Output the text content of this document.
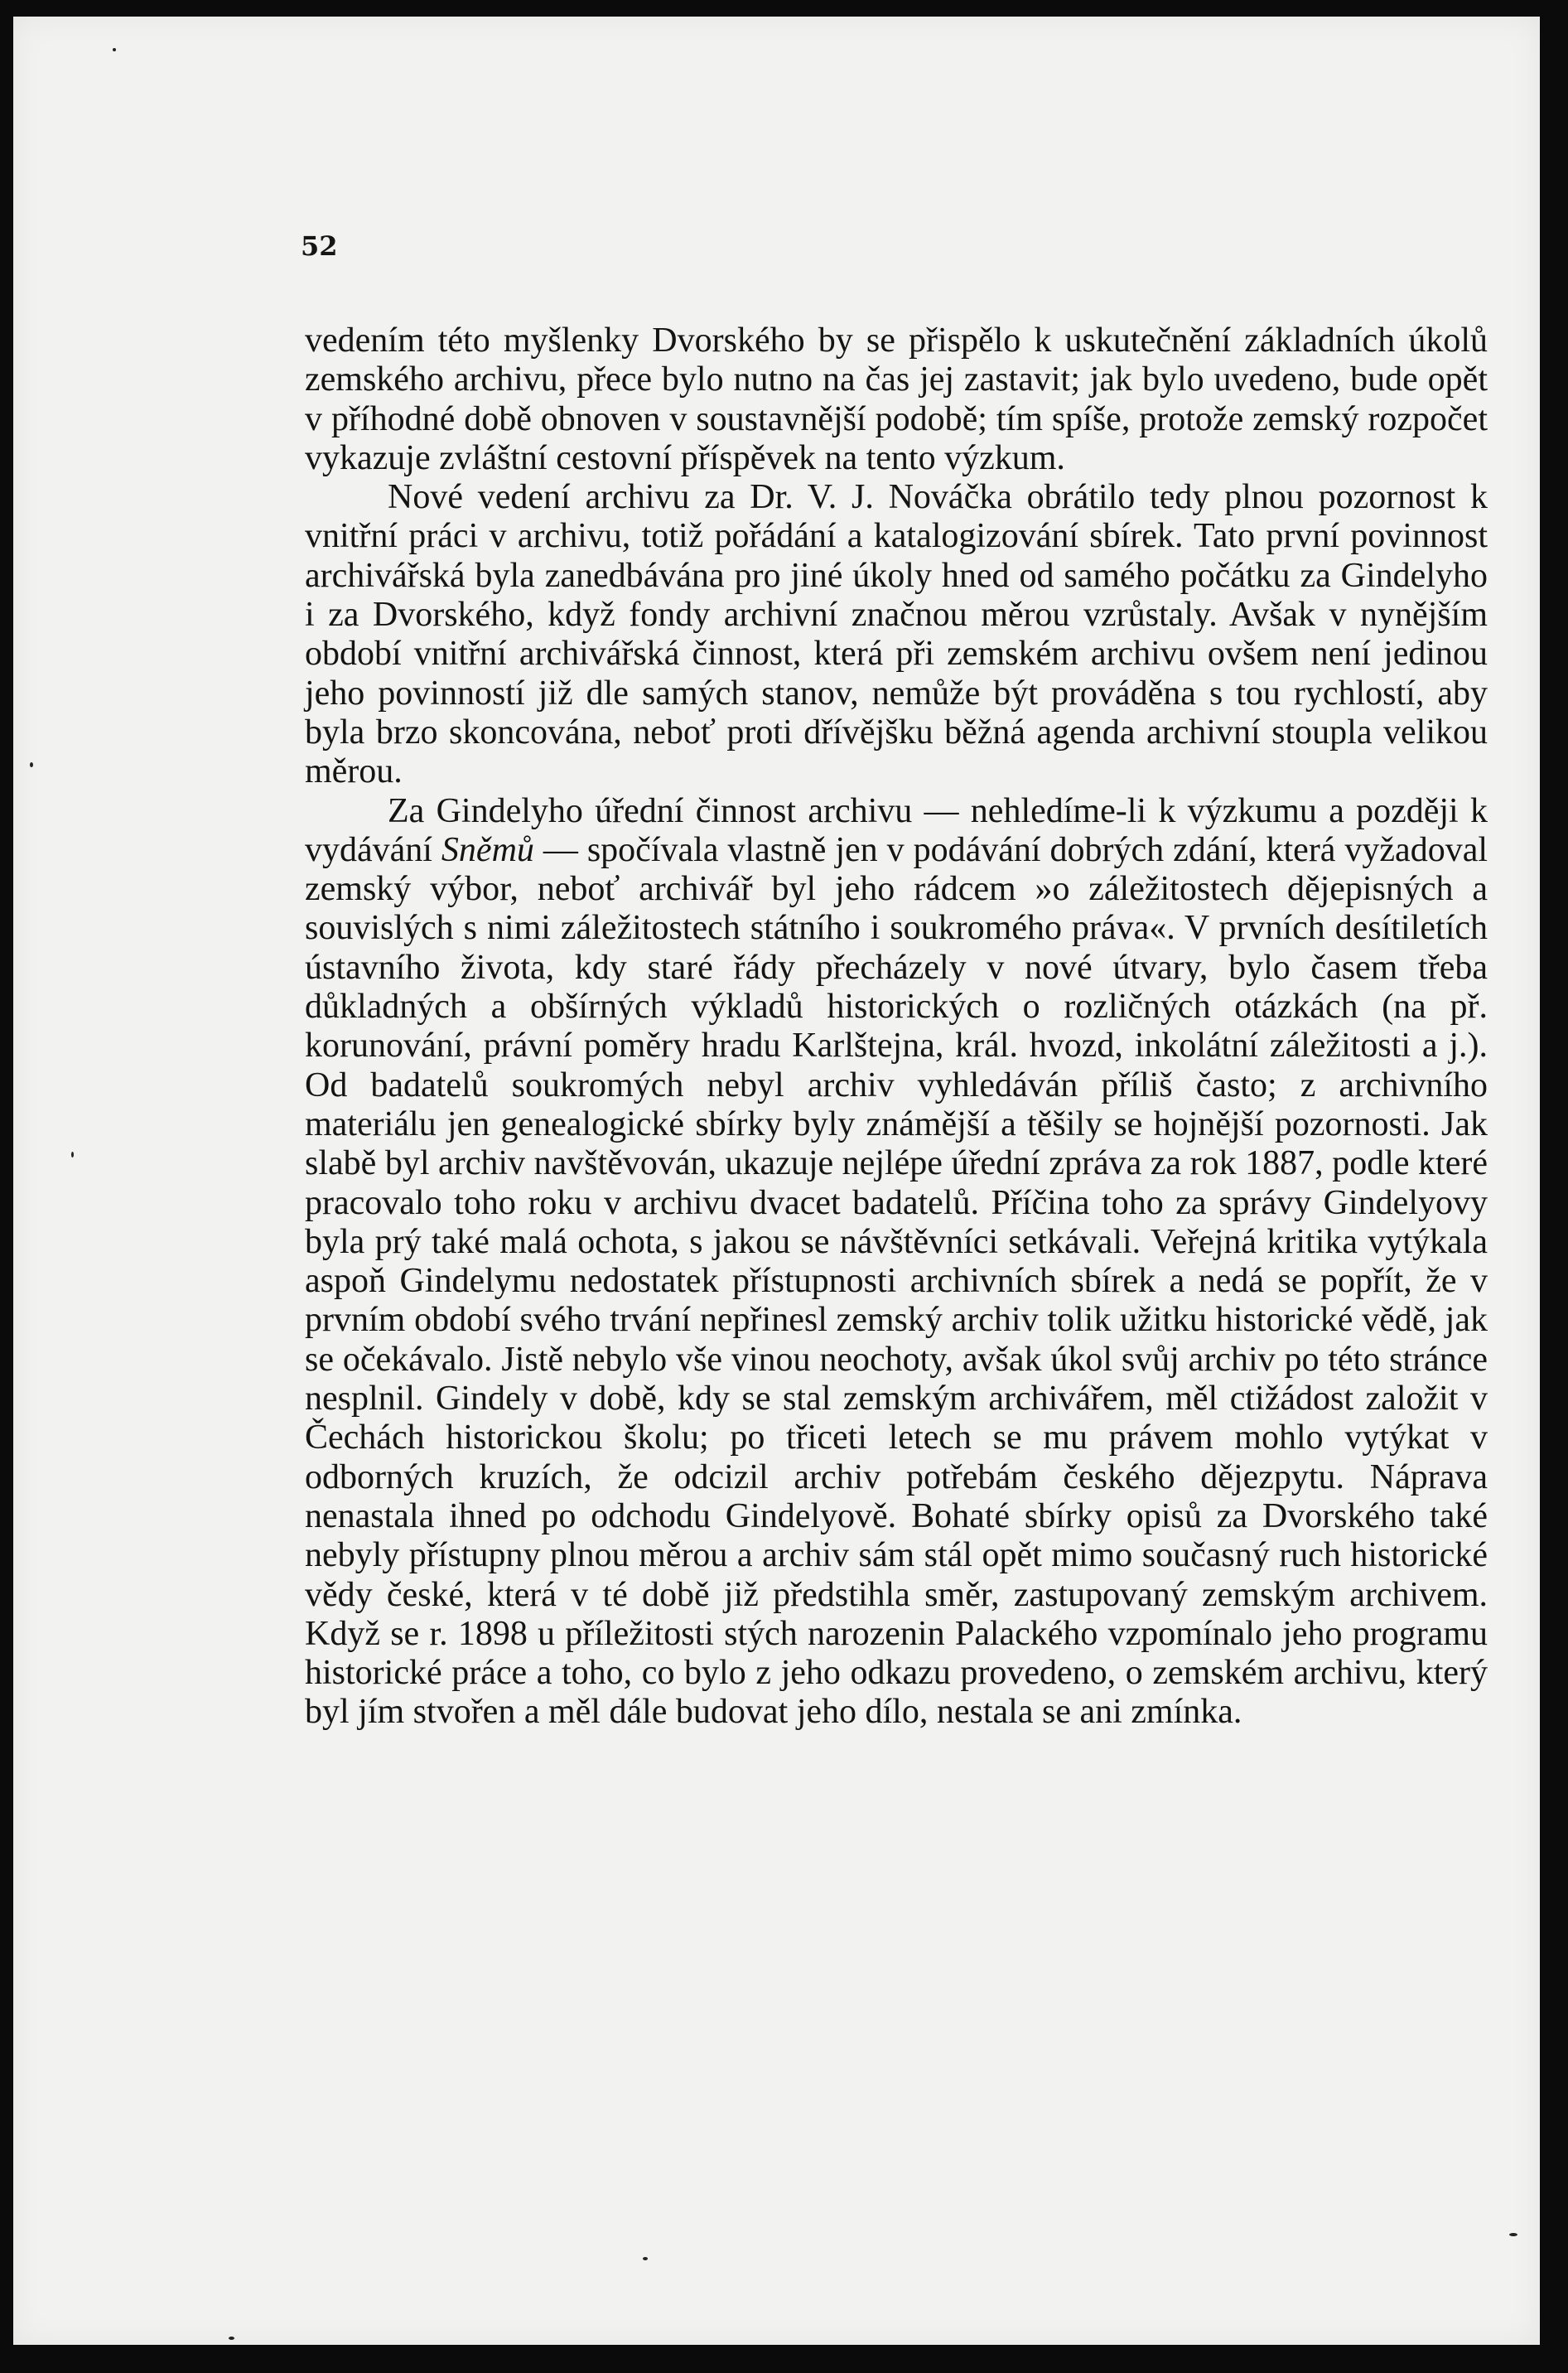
52

vedením této myšlenky Dvorského by se přispělo k uskutečnění základních úkolů zemského archivu, přece bylo nutno na čas jej zastavit; jak bylo uvedeno, bude opět v příhodné době obnoven v soustavnější podobě; tím spíše, protože zemský rozpočet vykazuje zvláštní cestovní příspěvek na tento výzkum.

Nové vedení archivu za Dr. V. J. Nováčka obrátilo tedy plnou pozornost k vnitřní práci v archivu, totiž pořádání a katalogizování sbírek. Tato první povinnost archivářská byla zanedbávána pro jiné úkoly hned od samého počátku za Gindelyho i za Dvorského, když fondy archivní značnou měrou vzrůstaly. Avšak v nynějším období vnitřní archivářská činnost, která při zemském archivu ovšem není jedinou jeho povinností již dle samých stanov, nemůže být prováděna s tou rychlostí, aby byla brzo skoncována, neboť proti dřívějšku běžná agenda archivní stoupla velikou měrou.

Za Gindelyho úřední činnost archivu — nehledíme-li k výzkumu a později k vydávání Sněmů — spočívala vlastně jen v podávání dobrých zdání, která vyžadoval zemský výbor, neboť archivář byl jeho rádcem »o záležitostech dějepisných a souvislých s nimi záležitostech státního i soukromého práva«. V prvních desítiletích ústavního života, kdy staré řády přecházely v nové útvary, bylo časem třeba důkladných a obšírných výkladů historických o rozličných otázkách (na př. korunování, právní poměry hradu Karlštejna, král. hvozd, inkolátní záležitosti a j.). Od badatelů soukromých nebyl archiv vyhledáván příliš často; z archivního materiálu jen genealogické sbírky byly známější a těšily se hojnější pozornosti. Jak slabě byl archiv navštěvován, ukazuje nejlépe úřední zpráva za rok 1887, podle které pracovalo toho roku v archivu dvacet badatelů. Příčina toho za správy Gindelyovy byla prý také malá ochota, s jakou se návštěvníci setkávali. Veřejná kritika vytýkala aspoň Gindelymu nedostatek přístupnosti archivních sbírek a nedá se popřít, že v prvním období svého trvání nepřinesl zemský archiv tolik užitku historické vědě, jak se očekávalo. Jistě nebylo vše vinou neochoty, avšak úkol svůj archiv po této stránce nesplnil. Gindely v době, kdy se stal zemským archivářem, měl ctižádost založit v Čechách historickou školu; po třiceti letech se mu právem mohlo vytýkat v odborných kruzích, že odcizil archiv potřebám českého dějezpytu. Náprava nenastala ihned po odchodu Gindelyově. Bohaté sbírky opisů za Dvorského také nebyly přístupny plnou měrou a archiv sám stál opět mimo současný ruch historické vědy české, která v té době již předstihla směr, zastupovaný zemským archivem. Když se r. 1898 u příležitosti stých narozenin Palackého vzpomínalo jeho programu historické práce a toho, co bylo z jeho odkazu provedeno, o zemském archivu, který byl jím stvořen a měl dále budovat jeho dílo, nestala se ani zmínka.
